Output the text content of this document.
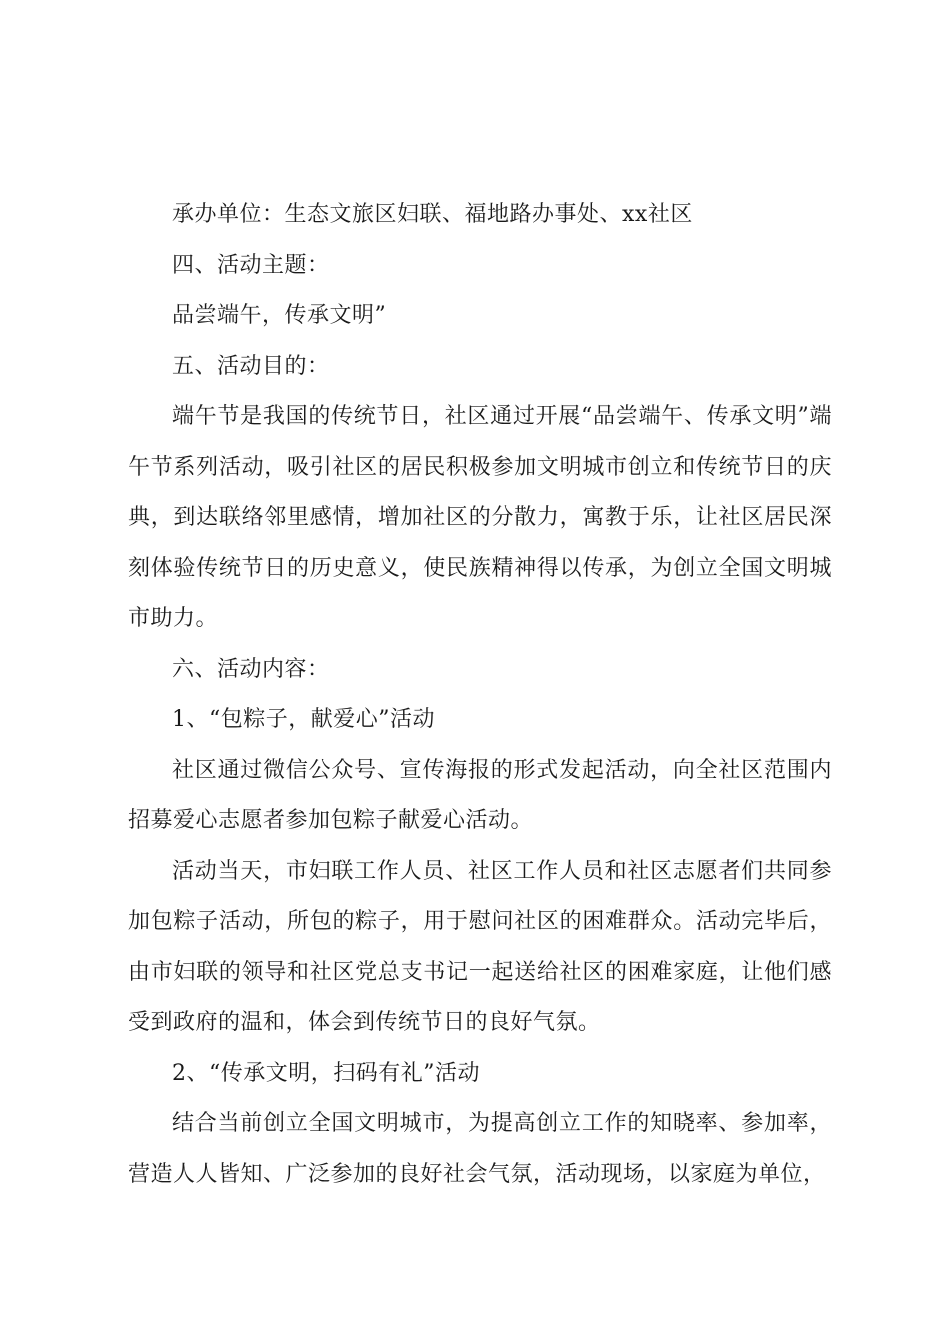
承办单位：生态文旅区妇联、福地路办事处、xx社区

四、活动主题：

品尝端午，传承文明”

五、活动目的：

端午节是我国的传统节日，社区通过开展“品尝端午、传承文明”端午节系列活动，吸引社区的居民积极参加文明城市创立和传统节日的庆典，到达联络邻里感情，增加社区的分散力，寓教于乐，让社区居民深刻体验传统节日的历史意义，使民族精神得以传承，为创立全国文明城市助力。

六、活动内容：

1、“包粽子，献爱心”活动

社区通过微信公众号、宣传海报的形式发起活动，向全社区范围内招募爱心志愿者参加包粽子献爱心活动。

活动当天，市妇联工作人员、社区工作人员和社区志愿者们共同参加包粽子活动，所包的粽子，用于慰问社区的困难群众。活动完毕后，由市妇联的领导和社区党总支书记一起送给社区的困难家庭，让他们感受到政府的温和，体会到传统节日的良好气氛。

2、“传承文明，扫码有礼”活动

结合当前创立全国文明城市，为提高创立工作的知晓率、参加率，营造人人皆知、广泛参加的良好社会气氛，活动现场，以家庭为单位，
